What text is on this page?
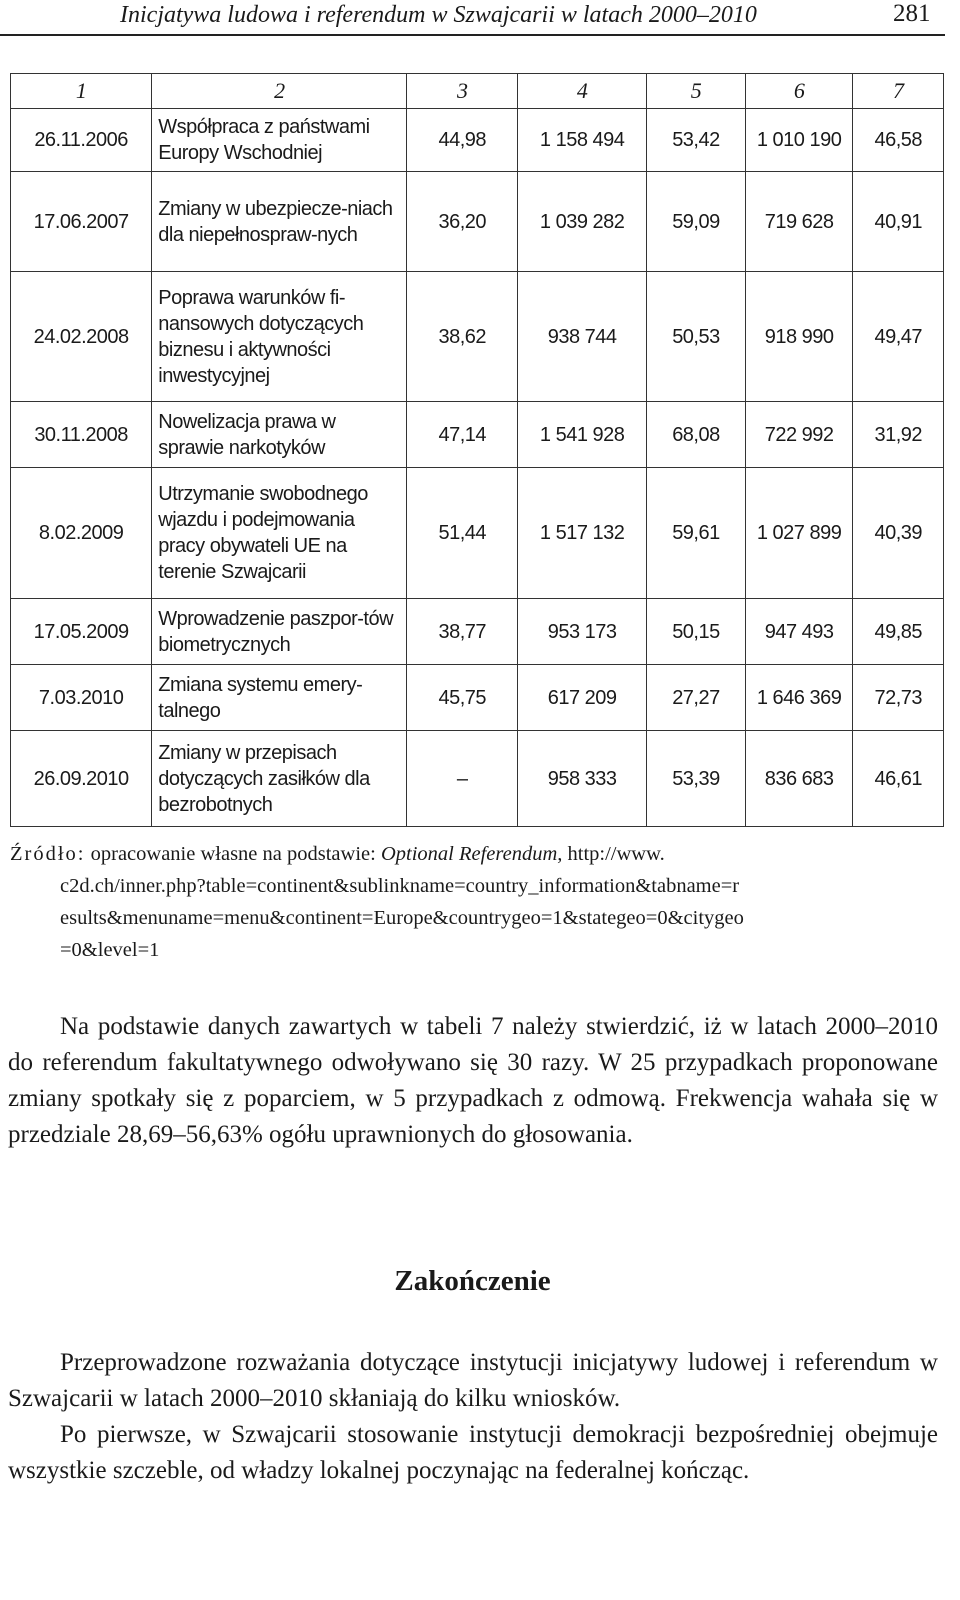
Inicjatywa ludowa i referendum w Szwajcarii w latach 2000–2010	281
1	2	3	4	5	6	7
26.11.2006	Współpraca z państwami Europy Wschodniej	44,98	1 158 494	53,42	1 010 190	46,58
17.06.2007	Zmiany w ubezpiecze-niach dla niepełnospraw-nych	36,20	1 039 282	59,09	719 628	40,91
24.02.2008	Poprawa warunków fi-nansowych dotyczących biznesu i aktywności inwestycyjnej	38,62	938 744	50,53	918 990	49,47
30.11.2008	Nowelizacja prawa w sprawie narkotyków	47,14	1 541 928	68,08	722 992	31,92
8.02.2009	Utrzymanie swobodnego wjazdu i podejmowania pracy obywateli UE na terenie Szwajcarii	51,44	1 517 132	59,61	1 027 899	40,39
17.05.2009	Wprowadzenie paszpor-tów biometrycznych	38,77	953 173	50,15	947 493	49,85
7.03.2010	Zmiana systemu emery-talnego	45,75	617 209	27,27	1 646 369	72,73
26.09.2010	Zmiany w przepisach dotyczących zasiłków dla bezrobotnych	–	958 333	53,39	836 683	46,61

Źródło: opracowanie własne na podstawie: Optional Referendum, http://www.

c2d.ch/inner.php?table=continent&sublinkname=country_information&tabname=r

esults&menuname=menu&continent=Europe&countrygeo=1&stategeo=0&citygeo

=0&level=1

Na podstawie danych zawartych w tabeli 7 należy stwierdzić, iż w latach 2000–2010 do referendum fakultatywnego odwoływano się 30 razy. W 25 przypadkach proponowane zmiany spotkały się z poparciem, w 5 przypadkach z odmową. Frekwencja wahała się w przedziale 28,69–56,63% ogółu uprawnionych do głosowania.

Zakończenie

Przeprowadzone rozważania dotyczące instytucji inicjatywy ludowej i referendum w Szwajcarii w latach 2000–2010 skłaniają do kilku wniosków.

Po pierwsze, w Szwajcarii stosowanie instytucji demokracji bezpośredniej obejmuje wszystkie szczeble, od władzy lokalnej poczynając na federalnej kończąc.
